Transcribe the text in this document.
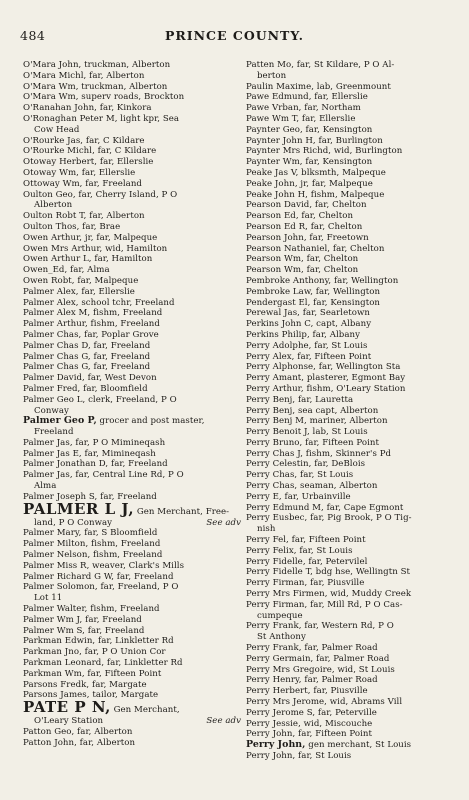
484	PRINCE COUNTY.
O'Mara John, truckman, Alberton
O'Mara Michl, far, Alberton
O'Mara Wm, truckman, Alberton
O'Mara Wm, superv roads, Brockton
O'Ranahan John, far, Kinkora
O'Ronaghan Peter M, light kpr, Sea
Cow Head
O'Rourke Jas, far, C Kildare
O'Rourke Michl, far, C Kildare
Otoway Herbert, far, Ellerslie
Otoway Wm, far, Ellerslie
Ottoway Wm, far, Freeland
Oulton Geo, far, Cherry Island, P O
Alberton
Oulton Robt T, far, Alberton
Oulton Thos, far, Brae
Owen Arthur, jr, far, Malpeque
Owen Mrs Arthur, wid, Hamilton
Owen Arthur L, far, Hamilton
Owen_Ed, far, Alma
Owen Robt, far, Malpeque
Palmer Alex, far, Ellerslie
Palmer Alex, school tchr, Freeland
Palmer Alex M, fishm, Freeland
Palmer Arthur, fishm, Freeland
Palmer Chas, far, Poplar Grove
Palmer Chas D, far, Freeland
Palmer Chas G, far, Freeland
Palmer Chas G, far, Freeland
Palmer David, far, West Devon
Palmer Fred, far, Bloomfield
Palmer Geo L, clerk, Freeland, P O
Conway
Palmer Geo P, grocer and post master,
Freeland
Palmer Jas, far, P O Mimineqash
Palmer Jas E, far, Mimineqash
Palmer Jonathan D, far, Freeland
Palmer Jas, far, Central Line Rd, P O
Alma
Palmer Joseph S, far, Freeland
PALMER L J, Gen Merchant, Free-
land, P O Conway	See adv
Palmer Mary, far, S Bloomfield
Palmer Milton, fishm, Freeland
Palmer Nelson, fishm, Freeland
Palmer Miss R, weaver, Clark's Mills
Palmer Richard G W, far, Freeland
Palmer Solomon, far, Freeland, P O
Lot 11
Palmer Walter, fishm, Freeland
Palmer Wm J, far, Freeland
Palmer Wm S, far, Freeland
Parkman Edwin, far, Linkletter Rd
Parkman Jno, far, P O Union Cor
Parkman Leonard, far, Linkletter Rd
Parkman Wm, far, Fifteen Point
Parsons Fredk, far, Margate
Parsons James, tailor, Margate
PATE P N, Gen Merchant,
O'Leary Station	See adv
Patton Geo, far, Alberton
Patton John, far, Alberton
Patten Mo, far, St Kildare, P O Al-
berton
Paulin Maxime, lab, Greenmount
Pawe Edmund, far, Ellerslie
Pawe Vrban, far, Northam
Pawe Wm T, far, Ellerslie
Paynter Geo, far, Kensington
Paynter John H, far, Burlington
Paynter Mrs Richd, wid, Burlington
Paynter Wm, far, Kensington
Peake Jas V, blksmth, Malpeque
Peake John, jr, far, Malpeque
Peake John H, fishm, Malpeque
Pearson David, far, Chelton
Pearson Ed, far, Chelton
Pearson Ed R, far, Chelton
Pearson John, far, Freetown
Pearson Nathaniel, far, Chelton
Pearson Wm, far, Chelton
Pearson Wm, far, Chelton
Pembroke Anthony, far, Wellington
Pembroke Law, far, Wellington
Pendergast El, far, Kensington
Perewal Jas, far, Searletown
Perkins John C, capt, Albany
Perkins Philip, far, Albany
Perry Adolphe, far, St Louis
Perry Alex, far, Fifteen Point
Perry Alphonse, far, Wellington Sta
Perry Amant, plasterer, Egmont Bay
Perry Arthur, fishm, O'Leary Station
Perry Benj, far, Lauretta
Perry Benj, sea capt, Alberton
Perry Benj M, mariner, Alberton
Perry Benoit J, lab, St Louis
Perry Bruno, far, Fifteen Point
Perry Chas J, fishm, Skinner's Pd
Perry Celestin, far, DeBlois
Perry Chas, far, St Louis
Perry Chas, seaman, Alberton
Perry E, far, Urbainville
Perry Edmund M, far, Cape Egmont
Perry Eusbec, far, Pig Brook, P O Tig-
nish
Perry Fel, far, Fifteen Point
Perry Felix, far, St Louis
Perry Fidelle, far, Petervilel
Perry Fidelle T, bdg hse, Wellingtn St
Perry Firman, far, Piusville
Perry Mrs Firmen, wid, Muddy Creek
Perry Firman, far, Mill Rd, P O Cas-
cumpeque
Perry Frank, far, Western Rd, P O
St Anthony
Perry Frank, far, Palmer Road
Perry Germain, far, Palmer Road
Perry Mrs Gregoire, wid, St Louis
Perry Henry, far, Palmer Road
Perry Herbert, far, Piusville
Perry Mrs Jerome, wid, Abrams Vill
Perry Jerome S, far, Peterville
Perry Jessie, wid, Miscouche
Perry John, far, Fifteen Point
Perry John, gen merchant, St Louis
Perry John, far, St Louis
